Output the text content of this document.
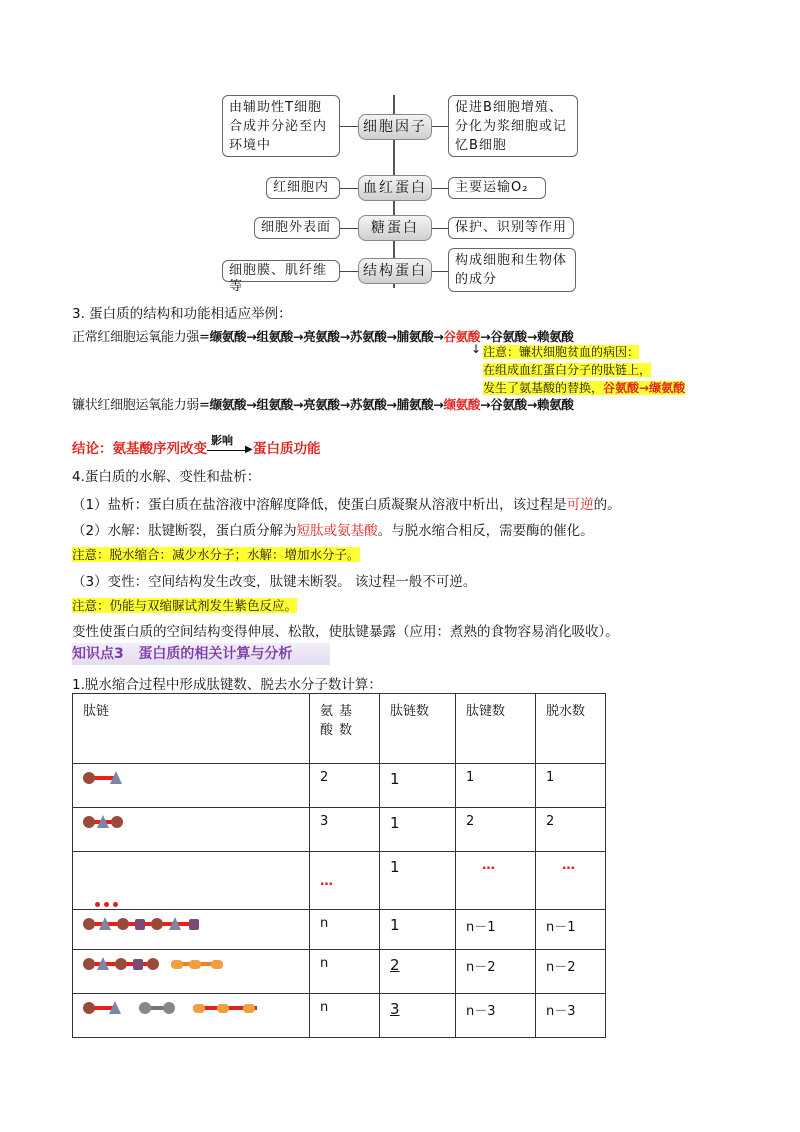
由辅助性T细胞合成并分泌至内环境中
细胞因子
促进B细胞增殖、分化为浆细胞或记忆B细胞
红细胞内	血红蛋白	主要运输O₂
细胞外表面	糖蛋白	保护、识别等作用
细胞膜、肌纤维等
结构蛋白
构成细胞和生物体的成分
3. 蛋白质的结构和功能相适应举例：
正常红细胞运氧能力强=缬氨酸→组氨酸→亮氨酸→苏氨酸→脯氨酸→谷氨酸→谷氨酸→赖氨酸
↓ 注意：镰状细胞贫血的病因：
在组成血红蛋白分子的肽链上，
发生了氨基酸的替换，谷氨酸→缬氨酸
镰状红细胞运氧能力弱=缬氨酸→组氨酸→亮氨酸→苏氨酸→脯氨酸→缬氨酸→谷氨酸→赖氨酸
结论：氨基酸序列改变
影响
▶ 蛋白质功能
4.蛋白质的水解、变性和盐析：
（1）盐析：蛋白质在盐溶液中溶解度降低，使蛋白质凝聚从溶液中析出，该过程是可逆的。
（2）水解：肽键断裂，蛋白质分解为短肽或氨基酸。与脱水缩合相反，需要酶的催化。
注意：脱水缩合：减少水分子；水解：增加水分子。
（3）变性：空间结构发生改变，肽键未断裂。 该过程一般不可逆。
注意：仍能与双缩脲试剂发生紫色反应。
变性使蛋白质的空间结构变得伸展、松散，使肽键暴露（应用：煮熟的食物容易消化吸收）。
知识点3 蛋白质的相关计算与分析
1.脱水缩合过程中形成肽键数、脱去水分子数计算：
肽链	氨基酸数	肽链数	肽键数	脱水数

	2	1	1	1

	3	1	2	2

	…	1	…	…

	n	1	n－1	n－1

	n	2	n－2	n－2

	n	3	n－3	n－3
